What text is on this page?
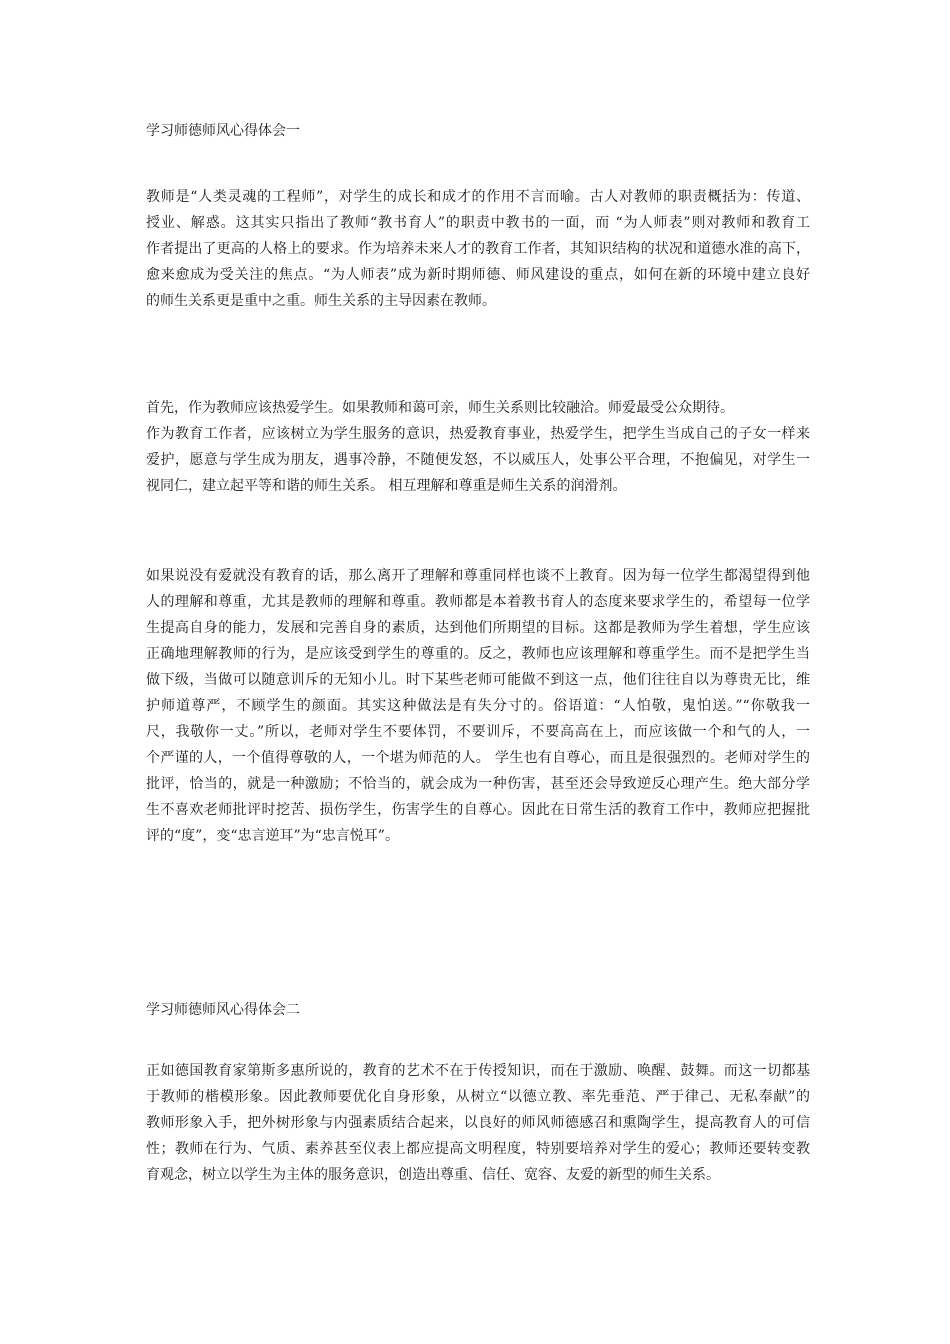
学习师德师风心得体会一
教师是“人类灵魂的工程师”，对学生的成长和成才的作用不言而喻。古人对教师的职责概括为：传道、
授业、解惑。这其实只指出了教师“教书育人”的职责中教书的一面，而 “为人师表”则对教师和教育工
作者提出了更高的人格上的要求。作为培养未来人才的教育工作者，其知识结构的状况和道德水准的高下，
愈来愈成为受关注的焦点。“为人师表”成为新时期师德、师风建设的重点，如何在新的环境中建立良好
的师生关系更是重中之重。师生关系的主导因素在教师。
首先，作为教师应该热爱学生。如果教师和蔼可亲，师生关系则比较融洽。师爱最受公众期待。
作为教育工作者，应该树立为学生服务的意识，热爱教育事业，热爱学生，把学生当成自己的子女一样来
爱护，愿意与学生成为朋友，遇事冷静，不随便发怒，不以威压人，处事公平合理，不抱偏见，对学生一
视同仁，建立起平等和谐的师生关系。 相互理解和尊重是师生关系的润滑剂。
如果说没有爱就没有教育的话，那么离开了理解和尊重同样也谈不上教育。因为每一位学生都渴望得到他
人的理解和尊重，尤其是教师的理解和尊重。教师都是本着教书育人的态度来要求学生的，希望每一位学
生提高自身的能力，发展和完善自身的素质，达到他们所期望的目标。这都是教师为学生着想，学生应该
正确地理解教师的行为，是应该受到学生的尊重的。反之，教师也应该理解和尊重学生。而不是把学生当
做下级，当做可以随意训斥的无知小儿。时下某些老师可能做不到这一点，他们往往自以为尊贵无比，维
护师道尊严，不顾学生的颜面。其实这种做法是有失分寸的。俗语道：“人怕敬，鬼怕送。”“你敬我一
尺，我敬你一丈。”所以，老师对学生不要体罚，不要训斥，不要高高在上，而应该做一个和气的人，一
个严谨的人，一个值得尊敬的人，一个堪为师范的人。 学生也有自尊心，而且是很强烈的。老师对学生的
批评，恰当的，就是一种激励；不恰当的，就会成为一种伤害，甚至还会导致逆反心理产生。绝大部分学
生不喜欢老师批评时挖苦、损伤学生，伤害学生的自尊心。因此在日常生活的教育工作中，教师应把握批
评的“度”，变“忠言逆耳”为“忠言悦耳”。
学习师德师风心得体会二
正如德国教育家第斯多惠所说的，教育的艺术不在于传授知识，而在于激励、唤醒、鼓舞。而这一切都基
于教师的楷模形象。因此教师要优化自身形象，从树立“以德立教、率先垂范、严于律己、无私奉献”的
教师形象入手，把外树形象与内强素质结合起来，以良好的师风师德感召和熏陶学生，提高教育人的可信
性；教师在行为、气质、素养甚至仪表上都应提高文明程度，特别要培养对学生的爱心；教师还要转变教
育观念，树立以学生为主体的服务意识，创造出尊重、信任、宽容、友爱的新型的师生关系。
